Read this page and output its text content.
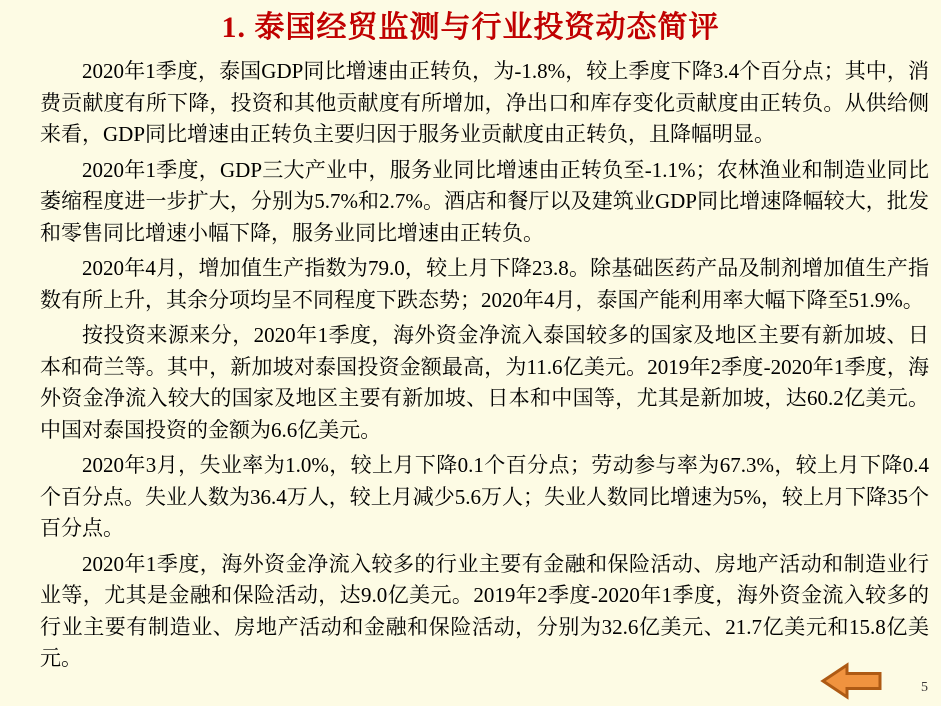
1. 泰国经贸监测与行业投资动态简评

2020年1季度，泰国GDP同比增速由正转负，为-1.8%，较上季度下降3.4个百分点；其中，消费贡献度有所下降，投资和其他贡献度有所增加，净出口和库存变化贡献度由正转负。从供给侧来看，GDP同比增速由正转负主要归因于服务业贡献度由正转负，且降幅明显。

2020年1季度，GDP三大产业中，服务业同比增速由正转负至-1.1%；农林渔业和制造业同比萎缩程度进一步扩大，分别为5.7%和2.7%。酒店和餐厅以及建筑业GDP同比增速降幅较大，批发和零售同比增速小幅下降，服务业同比增速由正转负。

2020年4月，增加值生产指数为79.0，较上月下降23.8。除基础医药产品及制剂增加值生产指数有所上升，其余分项均呈不同程度下跌态势；2020年4月，泰国产能利用率大幅下降至51.9%。

按投资来源来分，2020年1季度，海外资金净流入泰国较多的国家及地区主要有新加坡、日本和荷兰等。其中，新加坡对泰国投资金额最高，为11.6亿美元。2019年2季度-2020年1季度，海外资金净流入较大的国家及地区主要有新加坡、日本和中国等，尤其是新加坡，达60.2亿美元。中国对泰国投资的金额为6.6亿美元。

2020年3月，失业率为1.0%，较上月下降0.1个百分点；劳动参与率为67.3%，较上月下降0.4个百分点。失业人数为36.4万人，较上月减少5.6万人；失业人数同比增速为5%，较上月下降35个百分点。

2020年1季度，海外资金净流入较多的行业主要有金融和保险活动、房地产活动和制造业行业等，尤其是金融和保险活动，达9.0亿美元。2019年2季度-2020年1季度，海外资金流入较多的行业主要有制造业、房地产活动和金融和保险活动，分别为32.6亿美元、21.7亿美元和15.8亿美元。

5
